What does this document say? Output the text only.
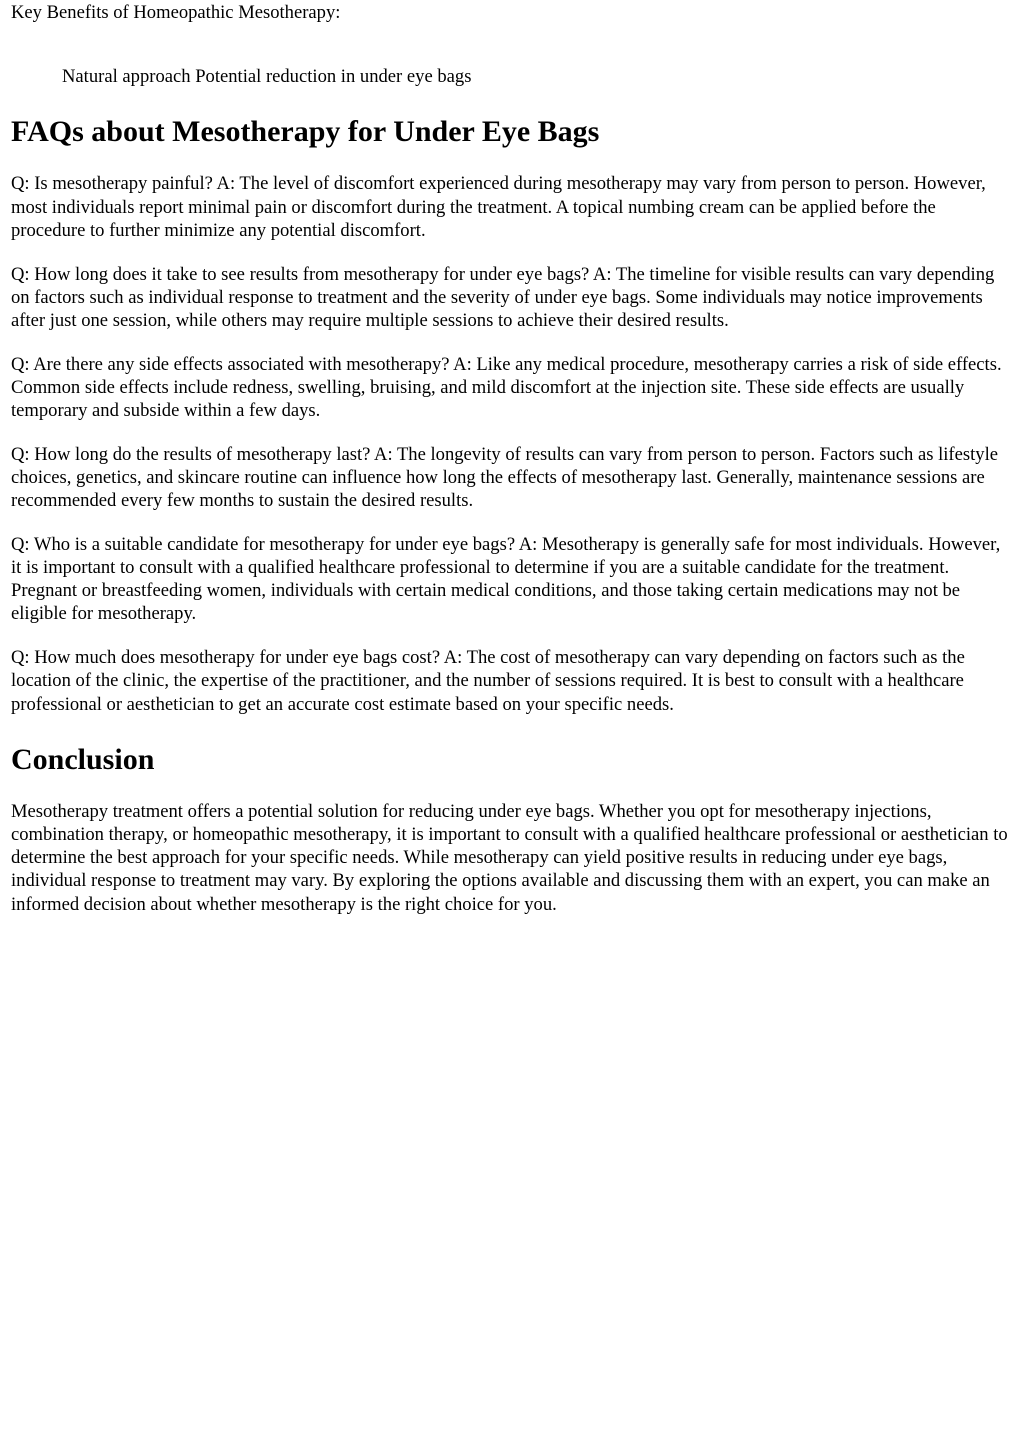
Key Benefits of Homeopathic Mesotherapy:

Natural approach Potential reduction in under eye bags

FAQs about Mesotherapy for Under Eye Bags

Q: Is mesotherapy painful? A: The level of discomfort experienced during mesotherapy may vary from person to person. However, most individuals report minimal pain or discomfort during the treatment. A topical numbing cream can be applied before the procedure to further minimize any potential discomfort.

Q: How long does it take to see results from mesotherapy for under eye bags? A: The timeline for visible results can vary depending on factors such as individual response to treatment and the severity of under eye bags. Some individuals may notice improvements after just one session, while others may require multiple sessions to achieve their desired results.

Q: Are there any side effects associated with mesotherapy? A: Like any medical procedure, mesotherapy carries a risk of side effects. Common side effects include redness, swelling, bruising, and mild discomfort at the injection site. These side effects are usually temporary and subside within a few days.

Q: How long do the results of mesotherapy last? A: The longevity of results can vary from person to person. Factors such as lifestyle choices, genetics, and skincare routine can influence how long the effects of mesotherapy last. Generally, maintenance sessions are recommended every few months to sustain the desired results.

Q: Who is a suitable candidate for mesotherapy for under eye bags? A: Mesotherapy is generally safe for most individuals. However, it is important to consult with a qualified healthcare professional to determine if you are a suitable candidate for the treatment. Pregnant or breastfeeding women, individuals with certain medical conditions, and those taking certain medications may not be eligible for mesotherapy.

Q: How much does mesotherapy for under eye bags cost? A: The cost of mesotherapy can vary depending on factors such as the location of the clinic, the expertise of the practitioner, and the number of sessions required. It is best to consult with a healthcare professional or aesthetician to get an accurate cost estimate based on your specific needs.

Conclusion

Mesotherapy treatment offers a potential solution for reducing under eye bags. Whether you opt for mesotherapy injections, combination therapy, or homeopathic mesotherapy, it is important to consult with a qualified healthcare professional or aesthetician to determine the best approach for your specific needs. While mesotherapy can yield positive results in reducing under eye bags, individual response to treatment may vary. By exploring the options available and discussing them with an expert, you can make an informed decision about whether mesotherapy is the right choice for you.
